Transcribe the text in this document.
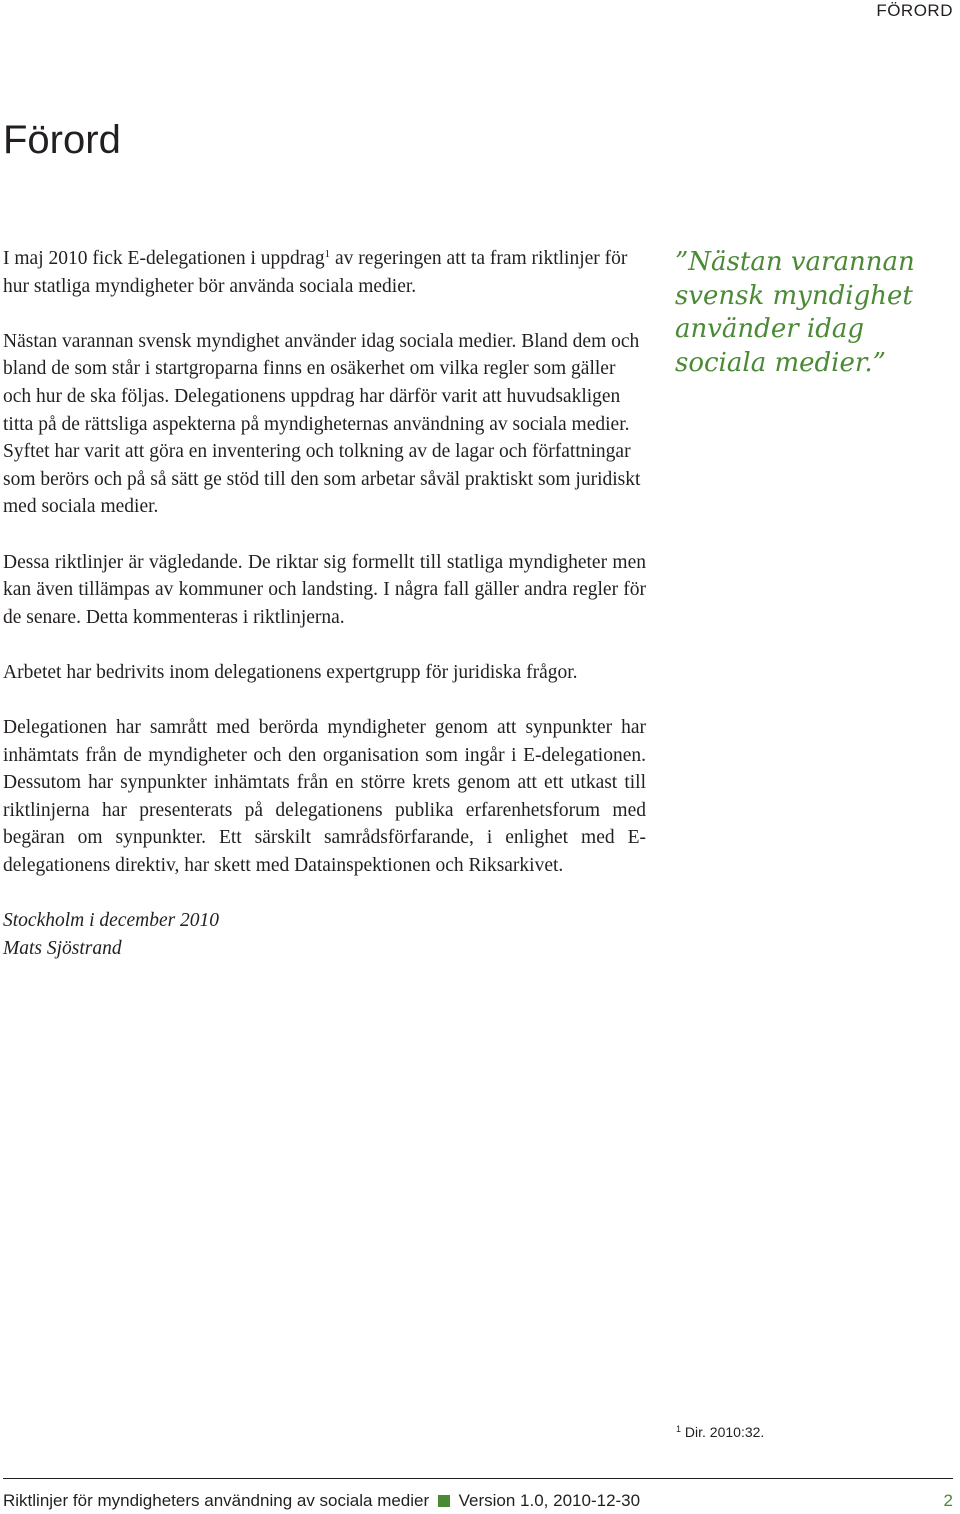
FÖRORD
Förord

I maj 2010 fick E-delegationen i uppdrag$^1$ av regeringen att ta fram riktlinjer för hur statliga myndigheter bör använda sociala medier.

Nästan varannan svensk myndighet använder idag sociala medier. Bland dem och bland de som står i startgroparna finns en osäkerhet om vilka regler som gäller och hur de ska följas. Delegationens uppdrag har därför varit att huvudsakligen titta på de rättsliga aspekterna på myndigheternas användning av sociala medier. Syftet har varit att göra en inventering och tolkning av de lagar och författningar som berörs och på så sätt ge stöd till den som arbetar såväl praktiskt som juridiskt med sociala medier.

Dessa riktlinjer är vägledande. De riktar sig formellt till statliga myndigheter men kan även tillämpas av kommuner och landsting. I några fall gäller andra regler för de senare. Detta kommenteras i riktlinjerna.

Arbetet har bedrivits inom delegationens expertgrupp för juridiska frågor.

Delegationen har samrått med berörda myndigheter genom att synpunkter har inhämtats från de myndigheter och den organisation som ingår i E-delegationen. Dessutom har synpunkter inhämtats från en större krets genom att ett utkast till riktlinjerna har presenterats på delegationens publika erfarenhetsforum med begäran om synpunkter. Ett särskilt samrådsförfarande, i enlighet med E-delegationens direktiv, har skett med Datainspektionen och Riksarkivet.

Stockholm i december 2010

Mats Sjöstrand

”Nästan varannan svensk myndighet använder idag sociala medier.”
$^1$ Dir. 2010:32.
Riktlinjer för myndigheters användning av sociala medier Version 1.0, 2010-12-30	2
